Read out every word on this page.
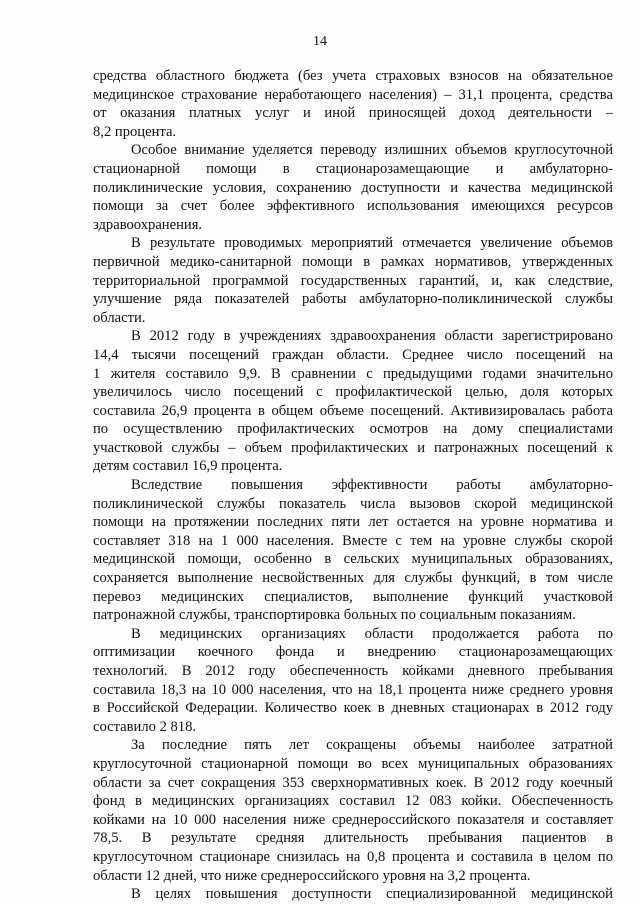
14
средства областного бюджета (без учета страховых взносов на обязательное
медицинское страхование неработающего населения) – 31,1 процента, средства
от оказания платных услуг и иной приносящей доход деятельности –
8,2 процента.
Особое внимание уделяется переводу излишних объемов круглосуточной
стационарной помощи в стационарозамещающие и амбулаторно-
поликлинические условия, сохранению доступности и качества медицинской
помощи за счет более эффективного использования имеющихся ресурсов
здравоохранения.
В результате проводимых мероприятий отмечается увеличение объемов
первичной медико-санитарной помощи в рамках нормативов, утвержденных
территориальной программой государственных гарантий, и, как следствие,
улучшение ряда показателей работы амбулаторно-поликлинической службы
области.
В 2012 году в учреждениях здравоохранения области зарегистрировано
14,4 тысячи посещений граждан области. Среднее число посещений на
1 жителя составило 9,9. В сравнении с предыдущими годами значительно
увеличилось число посещений с профилактической целью, доля которых
составила 26,9 процента в общем объеме посещений. Активизировалась работа
по осуществлению профилактических осмотров на дому специалистами
участковой службы – объем профилактических и патронажных посещений к
детям составил 16,9 процента.
Вследствие повышения эффективности работы амбулаторно-
поликлинической службы показатель числа вызовов скорой медицинской
помощи на протяжении последних пяти лет остается на уровне норматива и
составляет 318 на 1 000 населения. Вместе с тем на уровне службы скорой
медицинской помощи, особенно в сельских муниципальных образованиях,
сохраняется выполнение несвойственных для службы функций, в том числе
перевоз медицинских специалистов, выполнение функций участковой
патронажной службы, транспортировка больных по социальным показаниям.
В медицинских организациях области продолжается работа по
оптимизации коечного фонда и внедрению стационарозамещающих
технологий. В 2012 году обеспеченность койками дневного пребывания
составила 18,3 на 10 000 населения, что на 18,1 процента ниже среднего уровня
в Российской Федерации. Количество коек в дневных стационарах в 2012 году
составило 2 818.
За последние пять лет сокращены объемы наиболее затратной
круглосуточной стационарной помощи во всех муниципальных образованиях
области за счет сокращения 353 сверхнормативных коек. В 2012 году коечный
фонд в медицинских организациях составил 12 083 койки. Обеспеченность
койками на 10 000 населения ниже среднероссийского показателя и составляет
78,5. В результате средняя длительность пребывания пациентов в
круглосуточном стационаре снизилась на 0,8 процента и составила в целом по
области 12 дней, что ниже среднероссийского уровня на 3,2 процента.
В целях повышения доступности специализированной медицинской
